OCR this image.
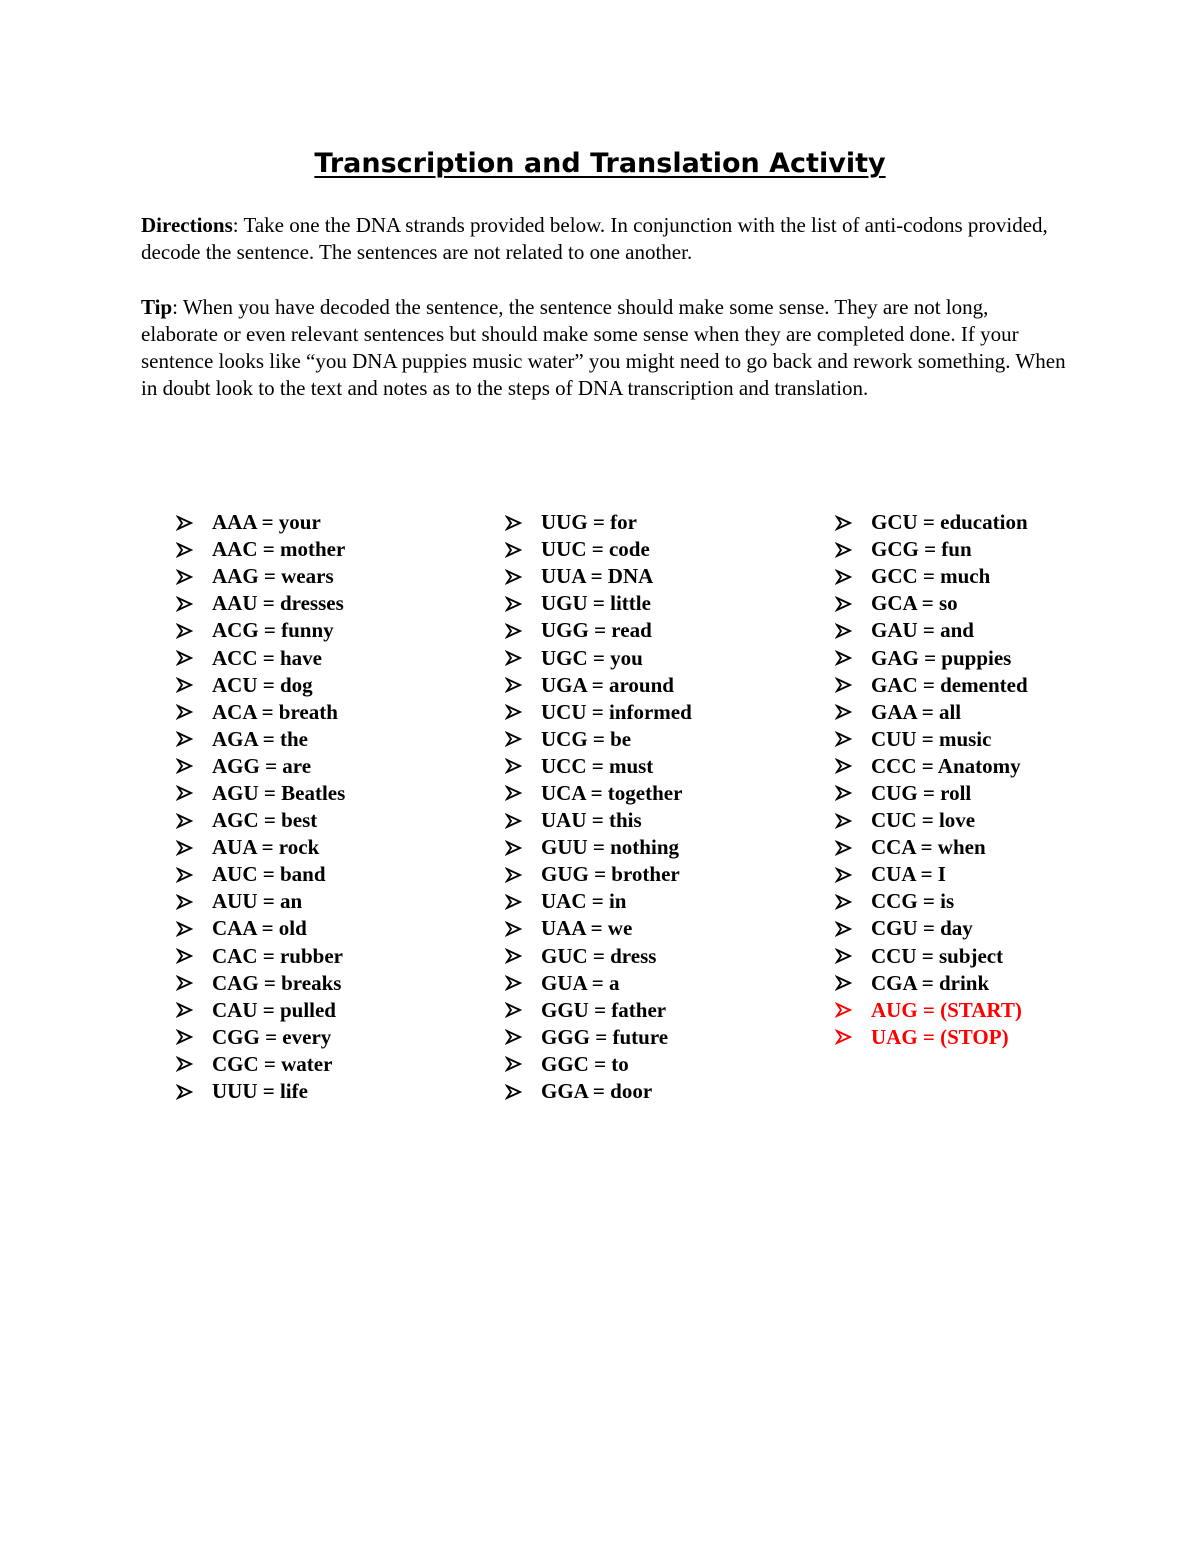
Transcription and Translation Activity

Directions: Take one the DNA strands provided below. In conjunction with the list of anti-codons provided, decode the sentence. The sentences are not related to one another.

Tip: When you have decoded the sentence, the sentence should make some sense. They are not long, elaborate or even relevant sentences but should make some sense when they are completed done. If your sentence looks like “you DNA puppies music water” you might need to go back and rework something. When in doubt look to the text and notes as to the steps of DNA transcription and translation.

AAA = your
AAC = mother
AAG = wears
AAU = dresses
ACG = funny
ACC = have
ACU = dog
ACA = breath
AGA = the
AGG = are
AGU = Beatles
AGC = best
AUA = rock
AUC = band
AUU = an
CAA = old
CAC = rubber
CAG = breaks
CAU = pulled
CGG = every
CGC = water
UUU = life
UUG = for
UUC = code
UUA = DNA
UGU = little
UGG = read
UGC = you
UGA = around
UCU = informed
UCG = be
UCC = must
UCA = together
UAU = this
GUU = nothing
GUG = brother
UAC = in
UAA = we
GUC = dress
GUA = a
GGU = father
GGG = future
GGC = to
GGA = door
GCU = education
GCG = fun
GCC = much
GCA = so
GAU = and
GAG = puppies
GAC = demented
GAA = all
CUU = music
CCC = Anatomy
CUG = roll
CUC = love
CCA = when
CUA = I
CCG = is
CGU = day
CCU = subject
CGA = drink
AUG = (START)
UAG = (STOP)
